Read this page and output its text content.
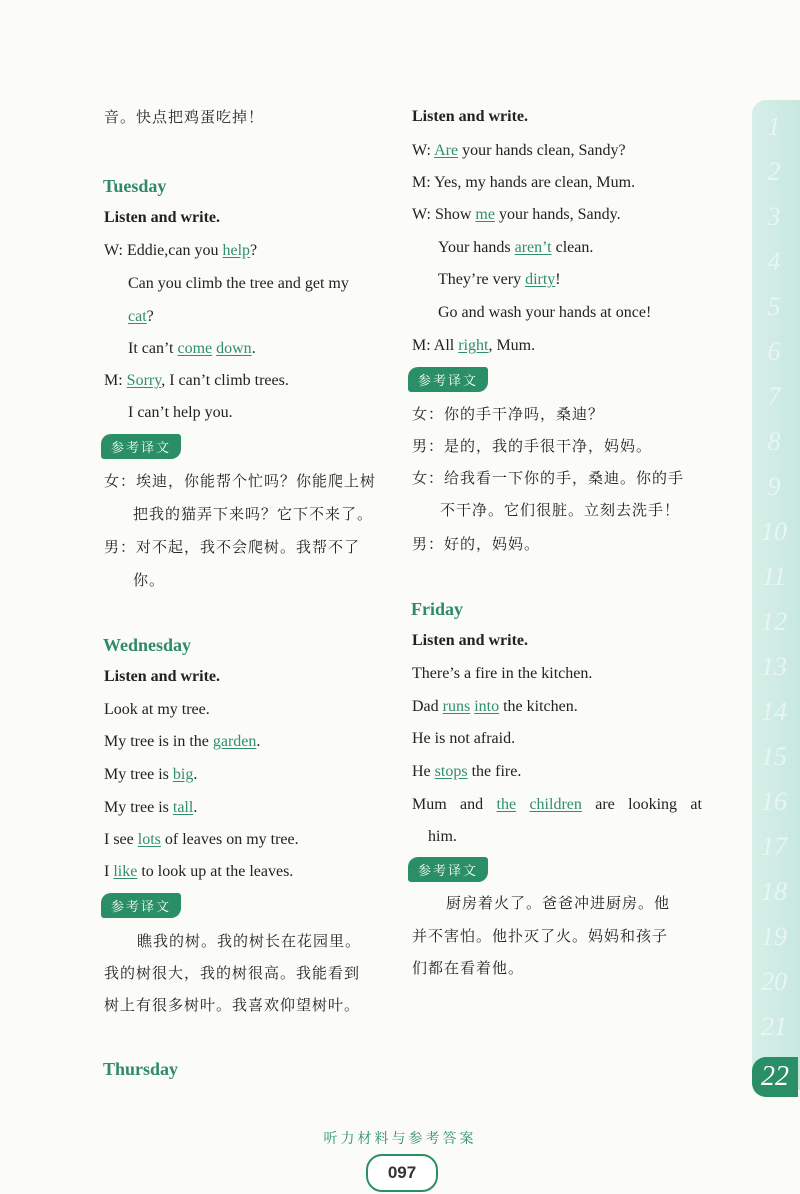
音。快点把鸡蛋吃掉！
Tuesday
Listen and write.
W: Eddie,can you help?
Can you climb the tree and get my
cat?
It can’t come down.
M: Sorry, I can’t climb trees.
I can’t help you.
参考译文
女：埃迪，你能帮个忙吗？你能爬上树
把我的猫弄下来吗？它下不来了。
男：对不起，我不会爬树。我帮不了
你。
Wednesday
Listen and write.
Look at my tree.
My tree is in the garden.
My tree is big.
My tree is tall.
I see lots of leaves on my tree.
I like to look up at the leaves.
参考译文
瞧我的树。我的树长在花园里。
我的树很大，我的树很高。我能看到
树上有很多树叶。我喜欢仰望树叶。
Thursday
Listen and write.
W: Are your hands clean, Sandy?
M: Yes, my hands are clean, Mum.
W: Show me your hands, Sandy.
Your hands aren’t clean.
They’re very dirty!
Go and wash your hands at once!
M: All right, Mum.
参考译文
女：你的手干净吗，桑迪？
男：是的，我的手很干净，妈妈。
女：给我看一下你的手，桑迪。你的手
不干净。它们很脏。立刻去洗手！
男：好的，妈妈。
Friday
Listen and write.
There’s a fire in the kitchen.
Dad runs into the kitchen.
He is not afraid.
He stops the fire.
Mum and the children are looking at
him.
参考译文
厨房着火了。爸爸冲进厨房。他
并不害怕。他扑灭了火。妈妈和孩子
们都在看着他。
1
2
3
4
5
6
7
8
9
10
11
12
13
14
15
16
17
18
19
20
21
22
听力材料与参考答案
097
